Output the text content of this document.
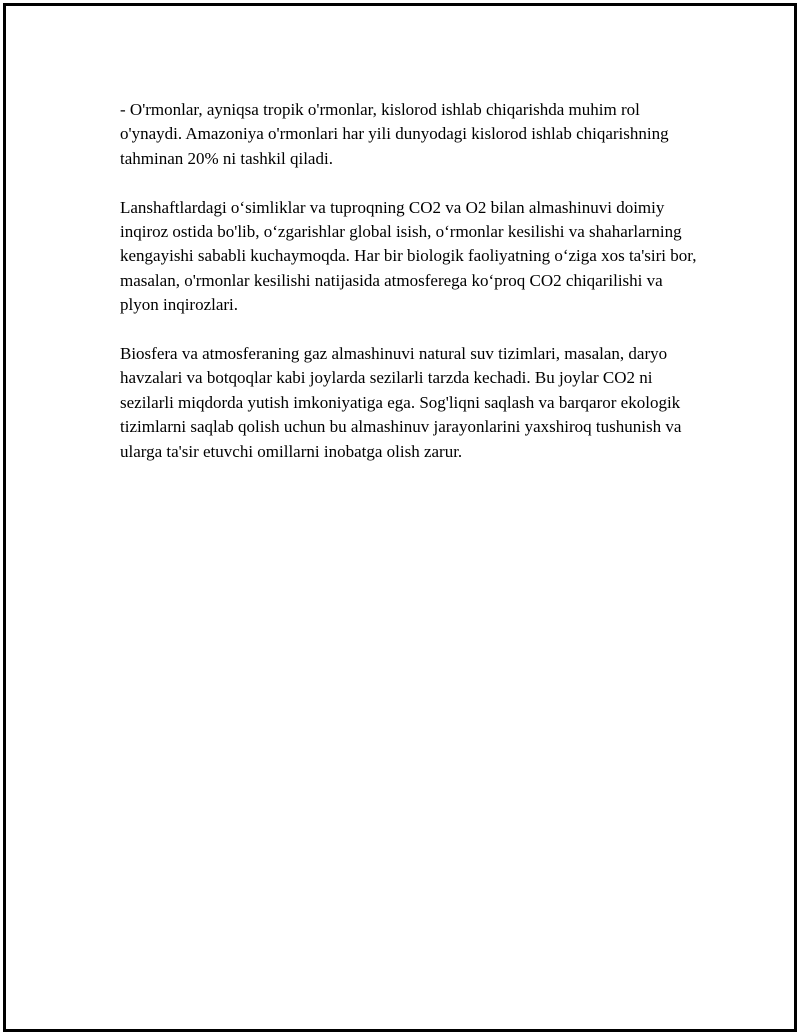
- O'rmonlar, ayniqsa tropik o'rmonlar, kislorod ishlab chiqarishda muhim rol o'ynaydi. Amazoniya o'rmonlari har yili dunyodagi kislorod ishlab chiqarishning tahminan 20% ni tashkil qiladi.

Lanshaftlardagi o‘simliklar va tuproqning CO2 va O2 bilan almashinuvi doimiy inqiroz ostida bo'lib, o‘zgarishlar global isish, o‘rmonlar kesilishi va shaharlarning kengayishi sababli kuchaymoqda. Har bir biologik faoliyatning o‘ziga xos ta'siri bor, masalan, o'rmonlar kesilishi natijasida atmosferega ko‘proq CO2 chiqarilishi va plyon inqirozlari.

Biosfera va atmosferaning gaz almashinuvi natural suv tizimlari, masalan, daryo havzalari va botqoqlar kabi joylarda sezilarli tarzda kechadi. Bu joylar CO2 ni sezilarli miqdorda yutish imkoniyatiga ega. Sog'liqni saqlash va barqaror ekologik tizimlarni saqlab qolish uchun bu almashinuv jarayonlarini yaxshiroq tushunish va ularga ta'sir etuvchi omillarni inobatga olish zarur.
